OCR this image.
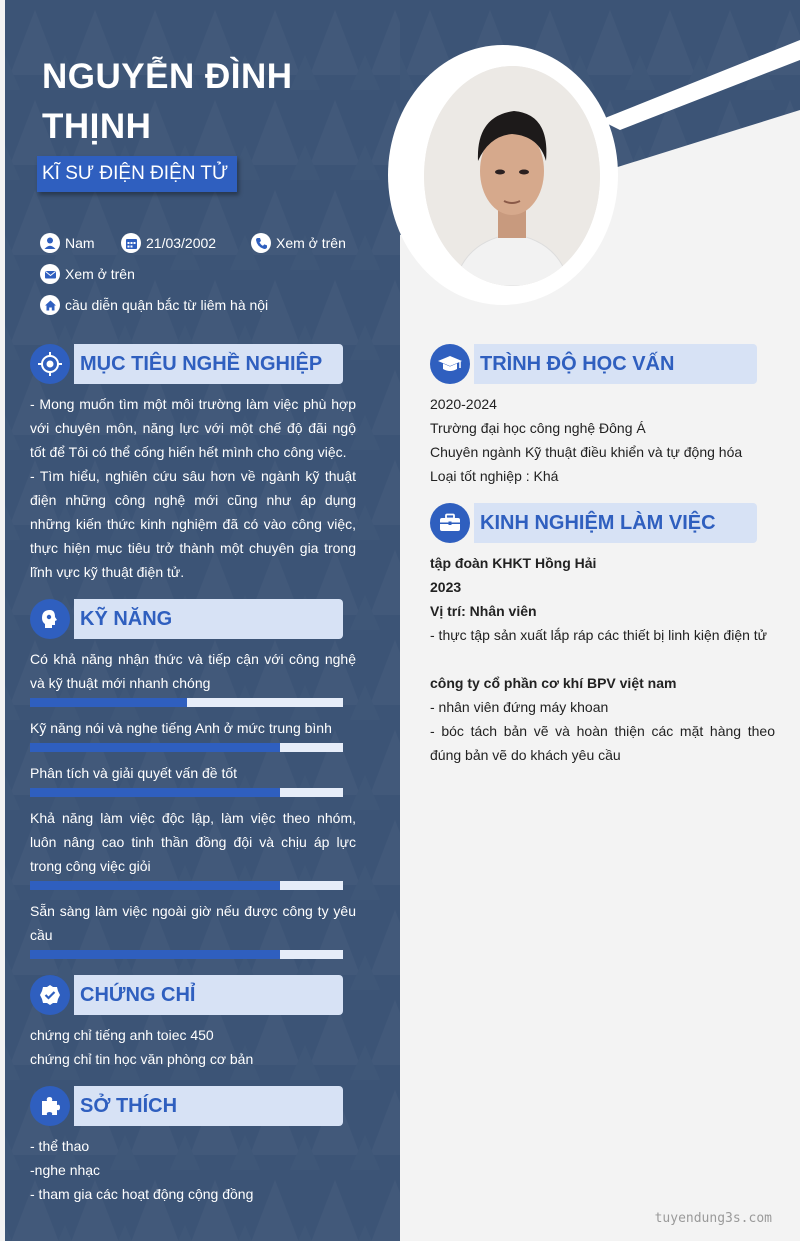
NGUYỄN ĐÌNH THỊNH
KĨ SƯ ĐIỆN ĐIỆN TỬ
Nam	21/03/2002	Xem ở trên
Xem ở trên
cầu diễn quận bắc từ liêm hà nội
MỤC TIÊU NGHỀ NGHIỆP
- Mong muốn tìm một môi trường làm việc phù hợp với chuyên môn, năng lực với một chế độ đãi ngộ tốt để Tôi có thể cống hiến hết mình cho công việc.
- Tìm hiểu, nghiên cứu sâu hơn về ngành kỹ thuật điện những công nghệ mới cũng như áp dụng những kiến thức kinh nghiệm đã có vào công việc, thực hiện mục tiêu trở thành một chuyên gia trong lĩnh vực kỹ thuật điện tử.
KỸ NĂNG
Có khả năng nhận thức và tiếp cận với công nghệ và kỹ thuật mới nhanh chóng
Kỹ năng nói và nghe tiếng Anh ở mức trung bình
Phân tích và giải quyết vấn đề tốt
Khả năng làm việc độc lập, làm việc theo nhóm, luôn nâng cao tinh thần đồng đội và chịu áp lực trong công việc giỏi
Sẵn sàng làm việc ngoài giờ nếu được công ty yêu cầu
CHỨNG CHỈ
chứng chỉ tiếng anh toiec 450
chứng chỉ tin học văn phòng cơ bản
SỞ THÍCH
- thể thao
-nghe nhạc
- tham gia các hoạt động cộng đồng
TRÌNH ĐỘ HỌC VẤN
2020-2024
Trường đại học công nghệ Đông Á
Chuyên ngành Kỹ thuật điều khiển và tự động hóa
Loại tốt nghiệp : Khá
KINH NGHIỆM LÀM VIỆC
tập đoàn KHKT Hồng Hải
2023
Vị trí: Nhân viên
- thực tập sản xuất lắp ráp các thiết bị linh kiện điện tử
công ty cổ phần cơ khí BPV việt nam
- nhân viên đứng máy khoan
- bóc tách bản vẽ và hoàn thiện các mặt hàng theo đúng bản vẽ do khách yêu cầu
tuyendung3s.com
